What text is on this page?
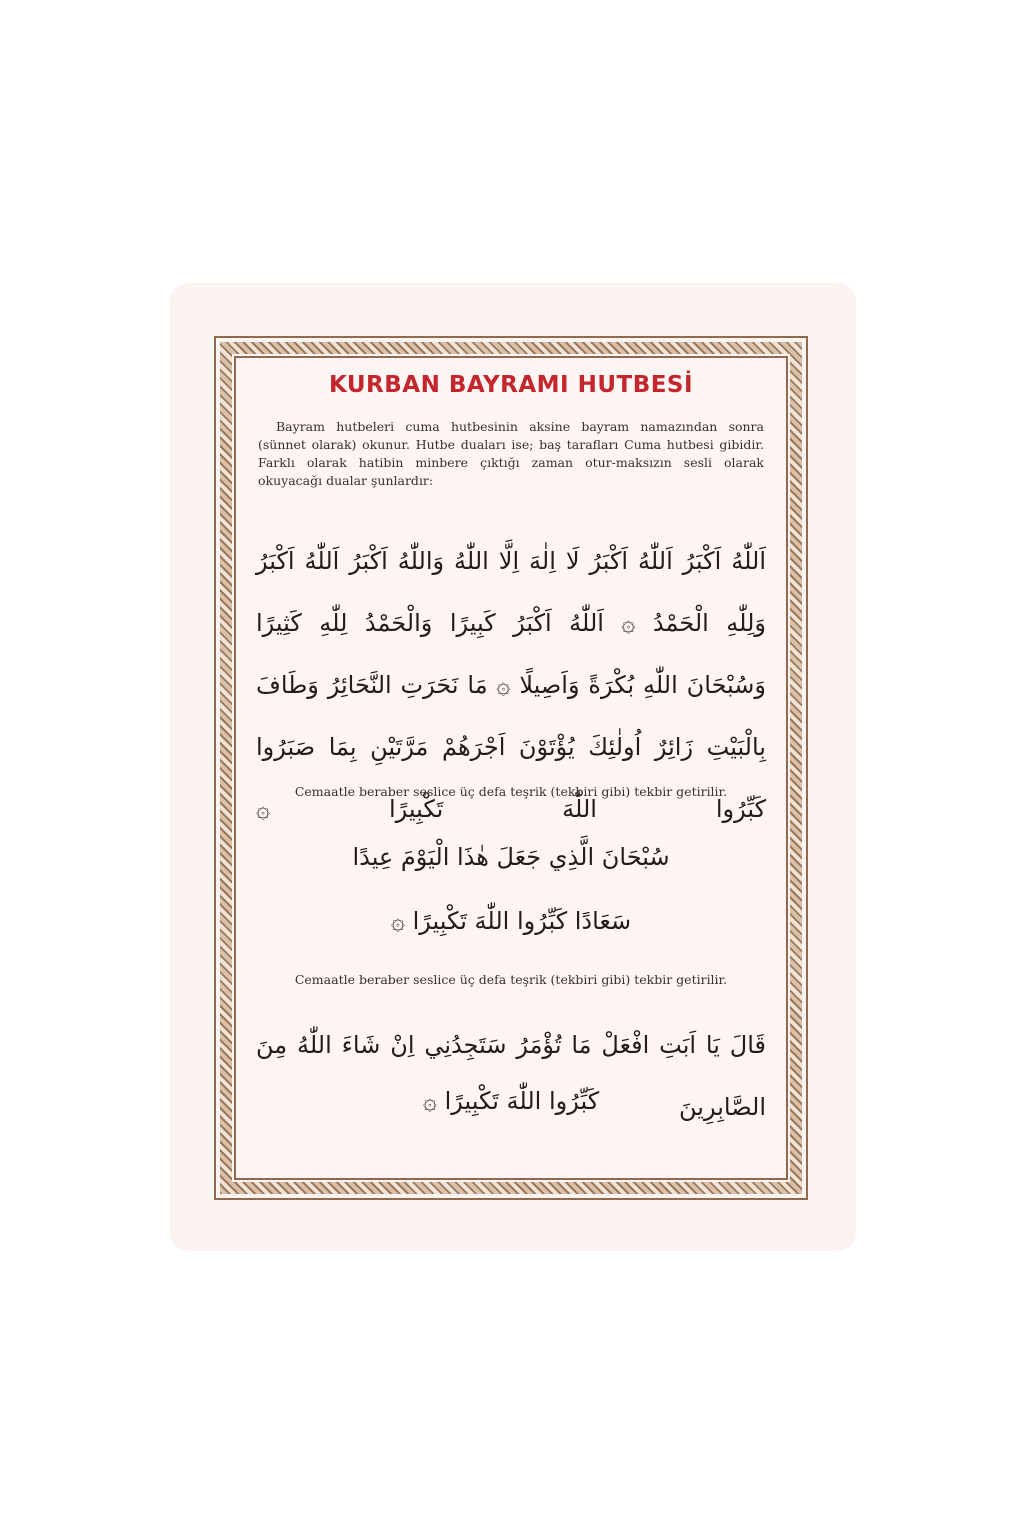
KURBAN BAYRAMI HUTBESİ
Bayram hutbeleri cuma hutbesinin aksine bayram namazından sonra (sünnet olarak) okunur. Hutbe duaları ise; baş tarafları Cuma hutbesi gibidir. Farklı olarak hatibin minbere çıktığı zaman otur-maksızın sesli olarak okuyacağı dualar şunlardır:
اَللّٰهُ اَكْبَرُ اَللّٰهُ اَكْبَرُ لَا اِلٰهَ اِلَّا اللّٰهُ وَاللّٰهُ اَكْبَرُ اَللّٰهُ اَكْبَرُ وَلِلّٰهِ الْحَمْدُ ۞ اَللّٰهُ اَكْبَرُ كَبِيرًا وَالْحَمْدُ لِلّٰهِ كَثِيرًا وَسُبْحَانَ اللّٰهِ بُكْرَةً وَاَصِيلًا ۞ مَا نَحَرَتِ النَّحَائِرُ وَطَافَ بِالْبَيْتِ زَائِرٌ اُولٰئِكَ يُؤْتَوْنَ اَجْرَهُمْ مَرَّتَيْنِ بِمَا صَبَرُوا كَبِّرُوا اللّٰهَ تَكْبِيرًا ۞
Cemaatle beraber seslice üç defa teşrik (tekbiri gibi) tekbir getirilir.
سُبْحَانَ الَّذِي جَعَلَ هٰذَا الْيَوْمَ عِيدًا
سَعَادًا كَبِّرُوا اللّٰهَ تَكْبِيرًا ۞
Cemaatle beraber seslice üç defa teşrik (tekbiri gibi) tekbir getirilir.
قَالَ يَا اَبَتِ افْعَلْ مَا تُؤْمَرُ سَتَجِدُنِي اِنْ شَاءَ اللّٰهُ مِنَ الصَّابِرِينَ
كَبِّرُوا اللّٰهَ تَكْبِيرًا ۞
